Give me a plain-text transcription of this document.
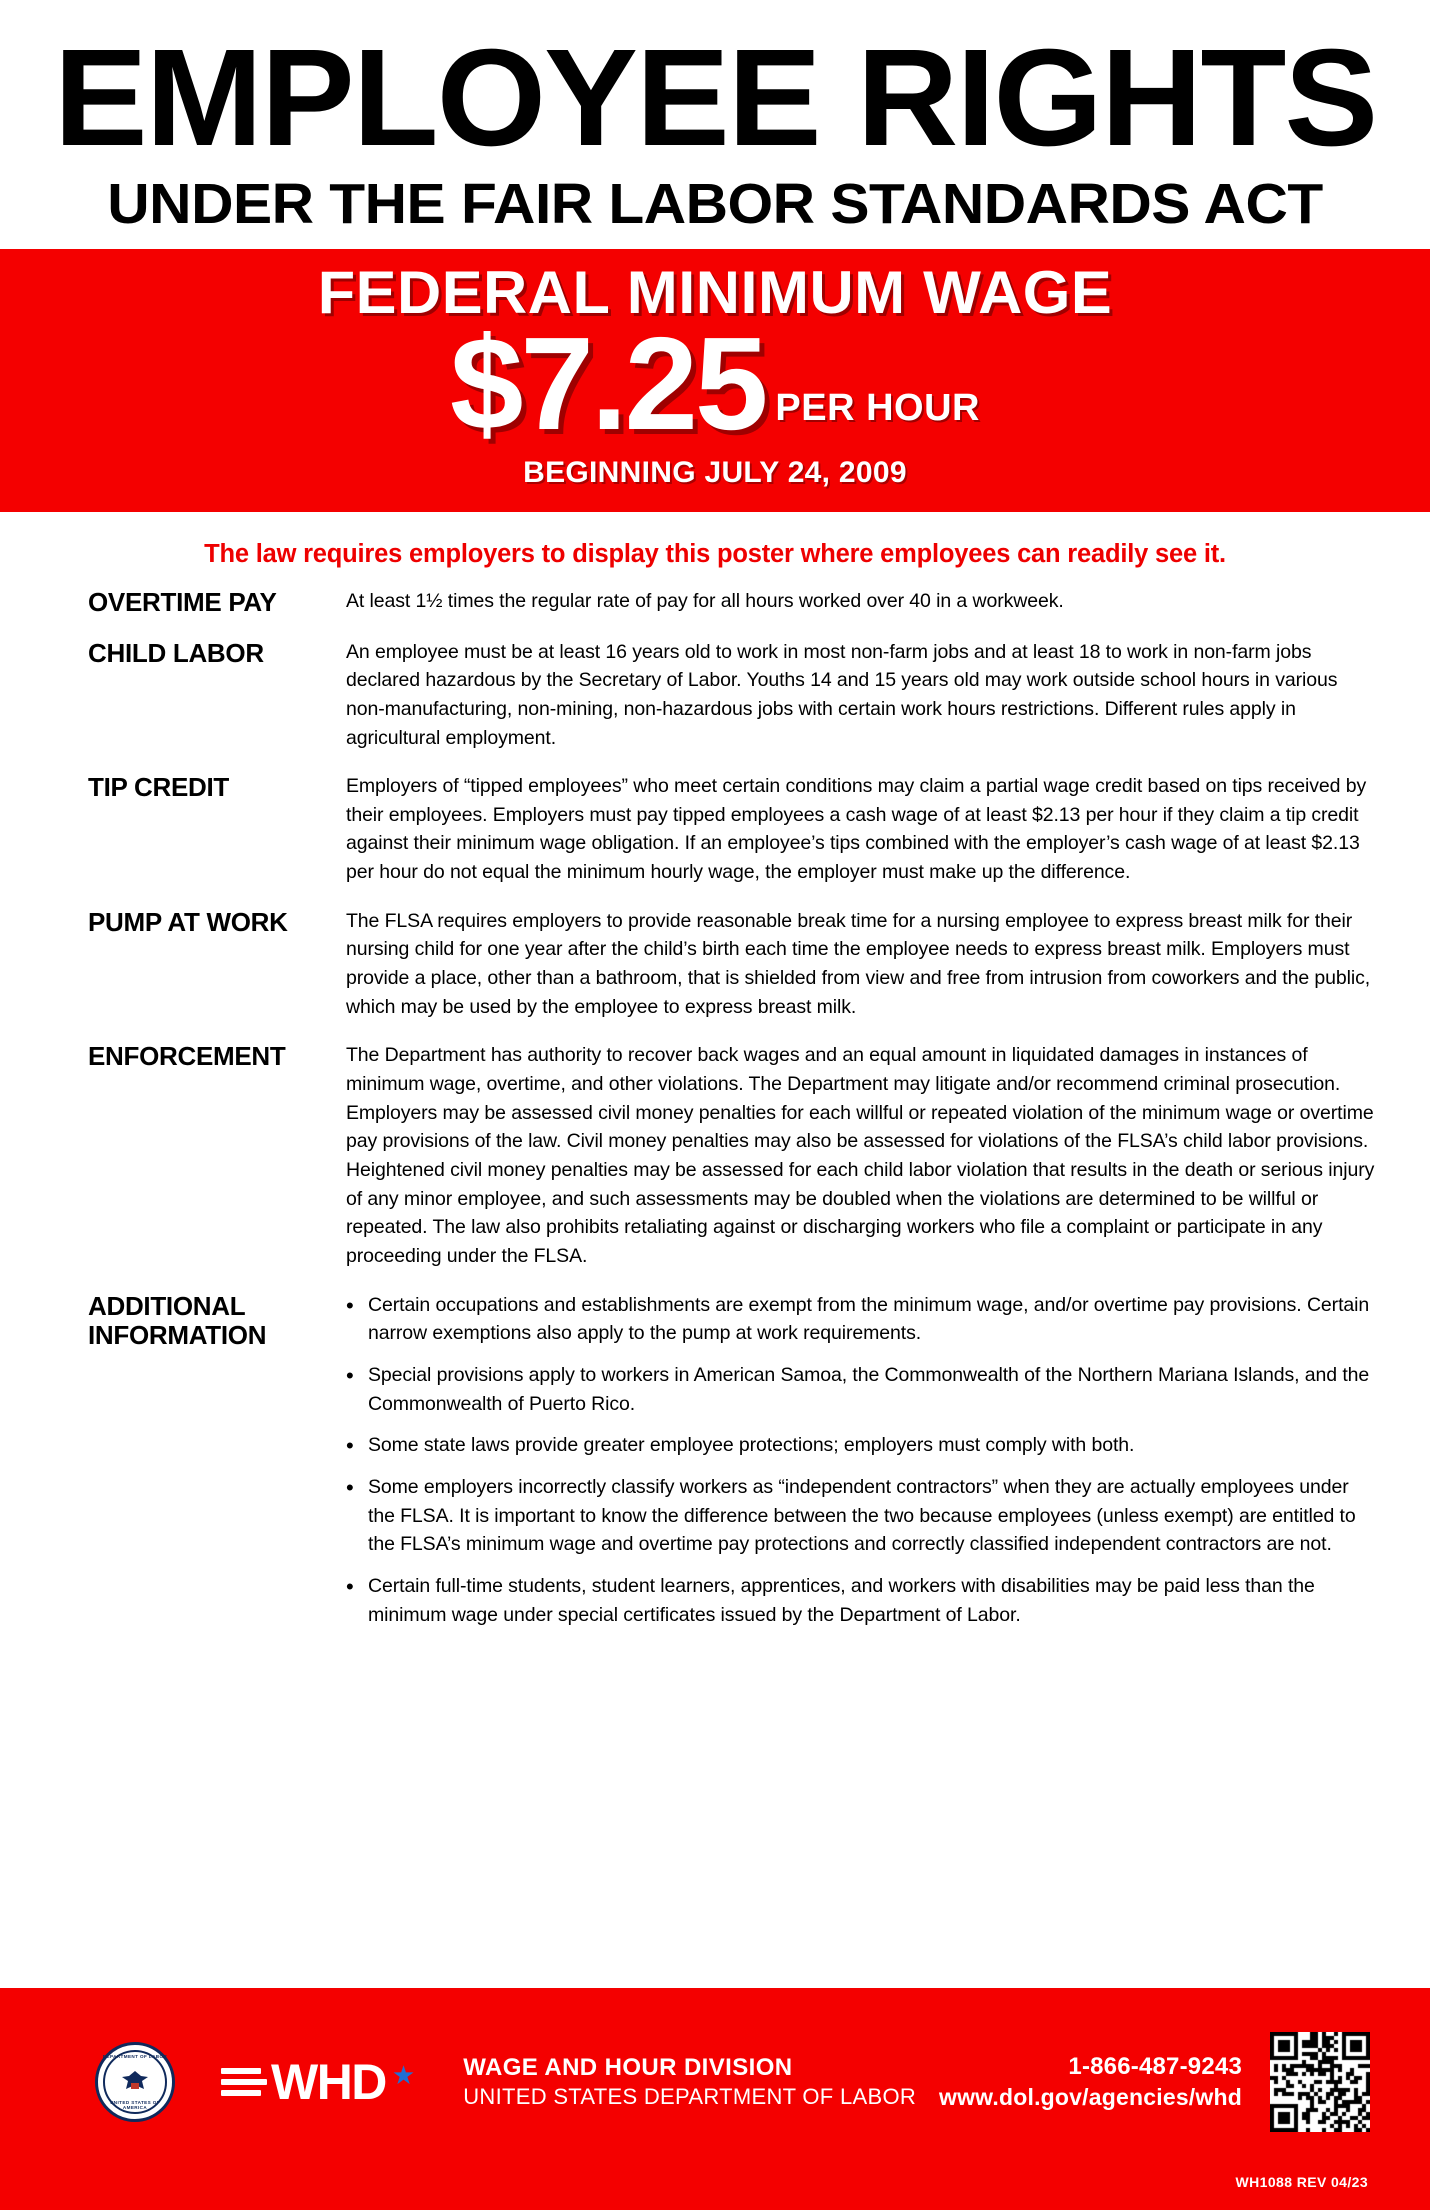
EMPLOYEE RIGHTS
UNDER THE FAIR LABOR STANDARDS ACT
FEDERAL MINIMUM WAGE
$7.25 PER HOUR
BEGINNING JULY 24, 2009
The law requires employers to display this poster where employees can readily see it.
OVERTIME PAY	At least 1½ times the regular rate of pay for all hours worked over 40 in a workweek.
CHILD LABOR	An employee must be at least 16 years old to work in most non-farm jobs and at least 18 to work in non-farm jobs declared hazardous by the Secretary of Labor. Youths 14 and 15 years old may work outside school hours in various non-manufacturing, non-mining, non-hazardous jobs with certain work hours restrictions. Different rules apply in agricultural employment.
TIP CREDIT	Employers of “tipped employees” who meet certain conditions may claim a partial wage credit based on tips received by their employees. Employers must pay tipped employees a cash wage of at least $2.13 per hour if they claim a tip credit against their minimum wage obligation. If an employee’s tips combined with the employer’s cash wage of at least $2.13 per hour do not equal the minimum hourly wage, the employer must make up the difference.
PUMP AT WORK	The FLSA requires employers to provide reasonable break time for a nursing employee to express breast milk for their nursing child for one year after the child’s birth each time the employee needs to express breast milk. Employers must provide a place, other than a bathroom, that is shielded from view and free from intrusion from coworkers and the public, which may be used by the employee to express breast milk.
ENFORCEMENT	The Department has authority to recover back wages and an equal amount in liquidated damages in instances of minimum wage, overtime, and other violations. The Department may litigate and/or recommend criminal prosecution. Employers may be assessed civil money penalties for each willful or repeated violation of the minimum wage or overtime pay provisions of the law. Civil money penalties may also be assessed for violations of the FLSA’s child labor provisions. Heightened civil money penalties may be assessed for each child labor violation that results in the death or serious injury of any minor employee, and such assessments may be doubled when the violations are determined to be willful or repeated. The law also prohibits retaliating against or discharging workers who file a complaint or participate in any proceeding under the FLSA.
ADDITIONAL
INFORMATION
• Certain occupations and establishments are exempt from the minimum wage, and/or overtime pay provisions. Certain narrow exemptions also apply to the pump at work requirements.
• Special provisions apply to workers in American Samoa, the Commonwealth of the Northern Mariana Islands, and the Commonwealth of Puerto Rico.
• Some state laws provide greater employee protections; employers must comply with both.
• Some employers incorrectly classify workers as “independent contractors” when they are actually employees under the FLSA. It is important to know the difference between the two because employees (unless exempt) are entitled to the FLSA’s minimum wage and overtime pay protections and correctly classified independent contractors are not.
• Certain full-time students, student learners, apprentices, and workers with disabilities may be paid less than the minimum wage under special certificates issued by the Department of Labor.
DEPARTMENT OF LABOR
UNITED STATES OF AMERICA	WHD ★ WAGE AND HOUR DIVISION
UNITED STATES DEPARTMENT OF LABOR
1-866-487-9243
www.dol.gov/agencies/whd
WH1088 REV 04/23
